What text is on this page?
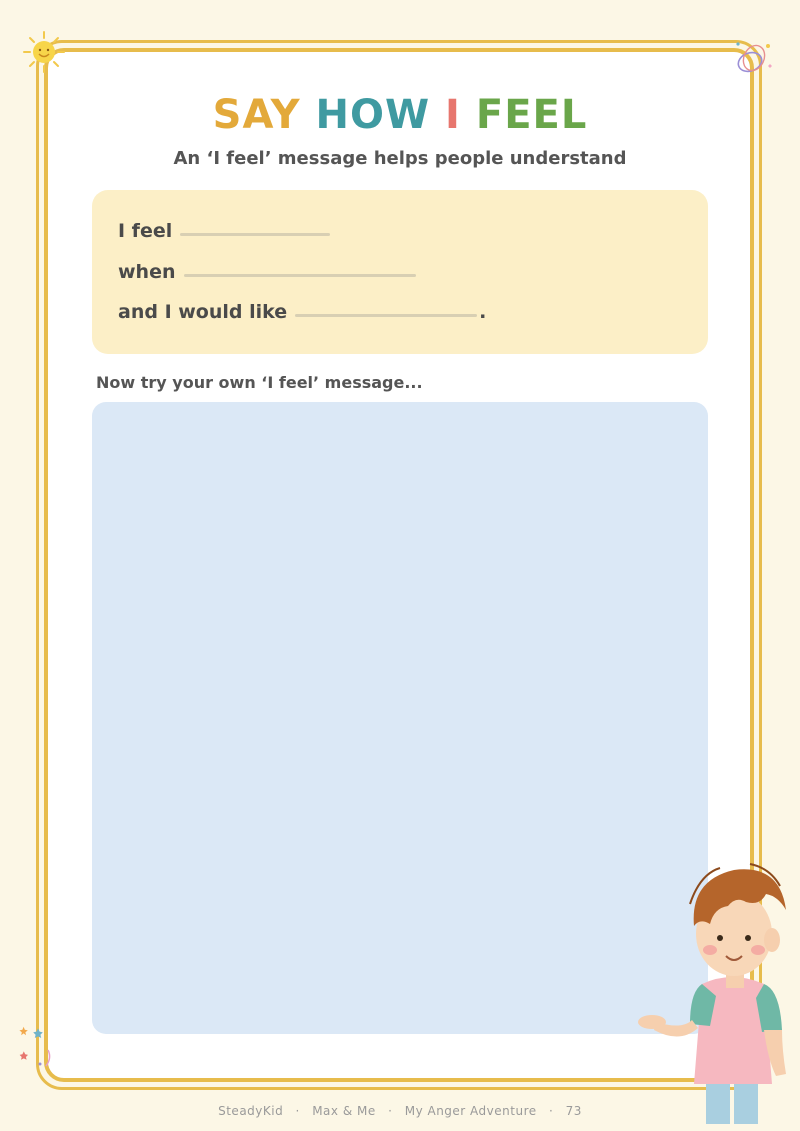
SAY HOW I FEEL
An ‘I feel’ message helps people understand
I feel
when
and I would like	.
Now try your own ‘I feel’ message...
SteadyKid · Max & Me · My Anger Adventure · 73
